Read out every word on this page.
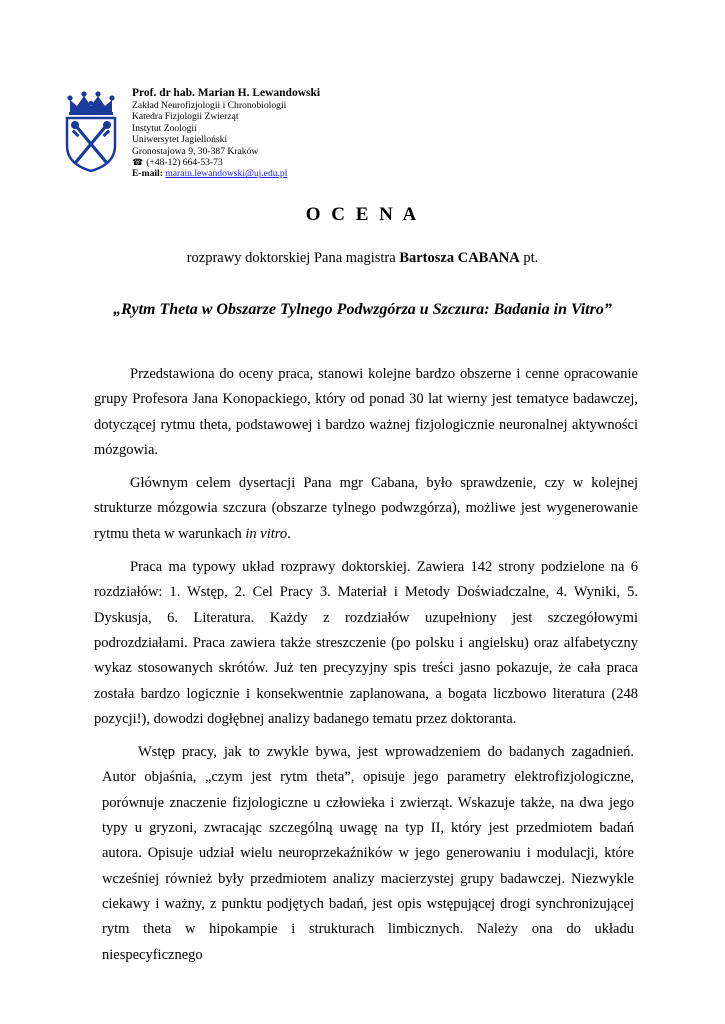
Prof. dr hab. Marian H. Lewandowski
Zakład Neurofizjologii i Chronobiologii
Katedra Fizjologii Zwierząt
Instytut Zoologii
Uniwersytet Jagielloński
Gronostajowa 9, 30-387 Kraków
☎ (+48-12) 664-53-73
E-mail: marain.lewandowski@uj.edu.pl
O C E N A
rozprawy doktorskiej Pana magistra Bartosza CABANA pt.
„Rytm Theta w Obszarze Tylnego Podwzgórza u Szczura: Badania in Vitro”

Przedstawiona do oceny praca, stanowi kolejne bardzo obszerne i cenne opracowanie grupy Profesora Jana Konopackiego, który od ponad 30 lat wierny jest tematyce badawczej, dotyczącej rytmu theta, podstawowej i bardzo ważnej fizjologicznie neuronalnej aktywności mózgowia.

Głównym celem dysertacji Pana mgr Cabana, było sprawdzenie, czy w kolejnej strukturze mózgowia szczura (obszarze tylnego podwzgórza), możliwe jest wygenerowanie rytmu theta w warunkach in vitro.

Praca ma typowy układ rozprawy doktorskiej. Zawiera 142 strony podzielone na 6 rozdziałów: 1. Wstęp, 2. Cel Pracy 3. Materiał i Metody Doświadczalne, 4. Wyniki, 5. Dyskusja, 6. Literatura. Każdy z rozdziałów uzupełniony jest szczegółowymi podrozdziałami. Praca zawiera także streszczenie (po polsku i angielsku) oraz alfabetyczny wykaz stosowanych skrótów. Już ten precyzyjny spis treści jasno pokazuje, że cała praca została bardzo logicznie i konsekwentnie zaplanowana, a bogata liczbowo literatura (248 pozycji!), dowodzi dogłębnej analizy badanego tematu przez doktoranta.

Wstęp pracy, jak to zwykle bywa, jest wprowadzeniem do badanych zagadnień. Autor objaśnia, „czym jest rytm theta”, opisuje jego parametry elektrofizjologiczne, porównuje znaczenie fizjologiczne u człowieka i zwierząt. Wskazuje także, na dwa jego typy u gryzoni, zwracając szczególną uwagę na typ II, który jest przedmiotem badań autora. Opisuje udział wielu neuroprzekaźników w jego generowaniu i modulacji, które wcześniej również były przedmiotem analizy macierzystej grupy badawczej. Niezwykle ciekawy i ważny, z punktu podjętych badań, jest opis wstępującej drogi synchronizującej rytm theta w hipokampie i strukturach limbicznych. Należy ona do układu niespecyficznego
